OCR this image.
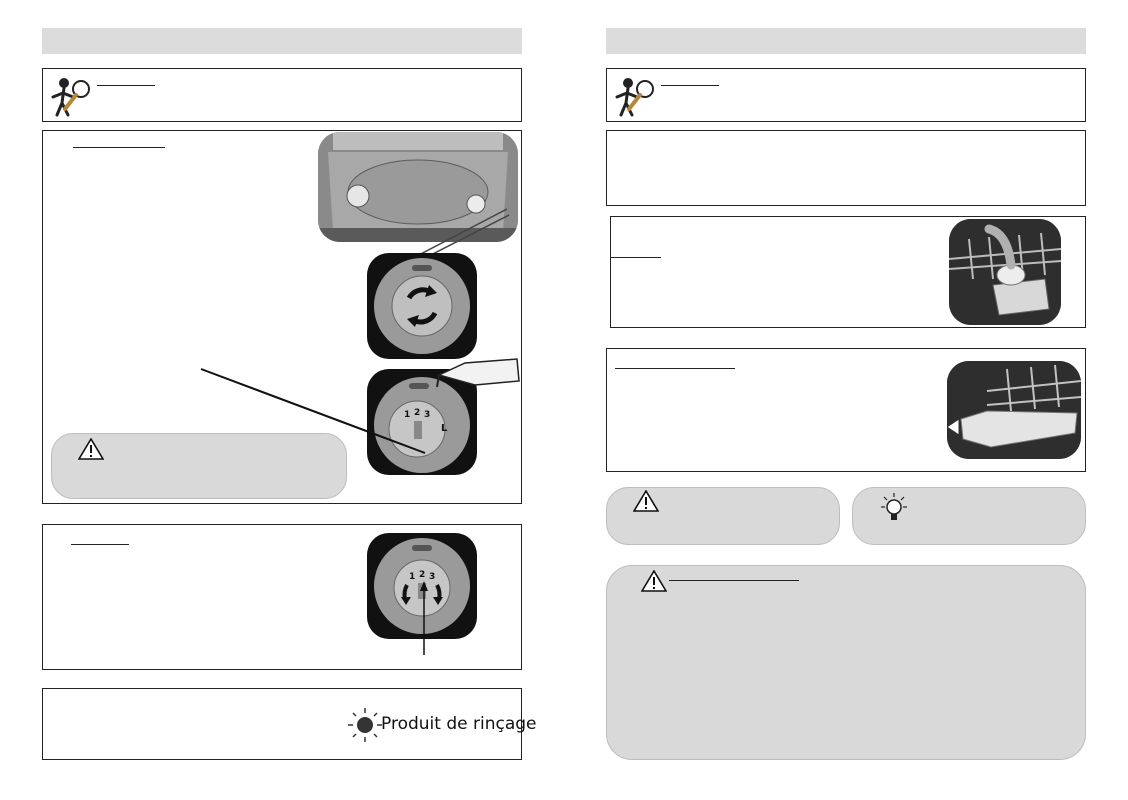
1 2 3
L
1 2 3
Produit de rinçage
